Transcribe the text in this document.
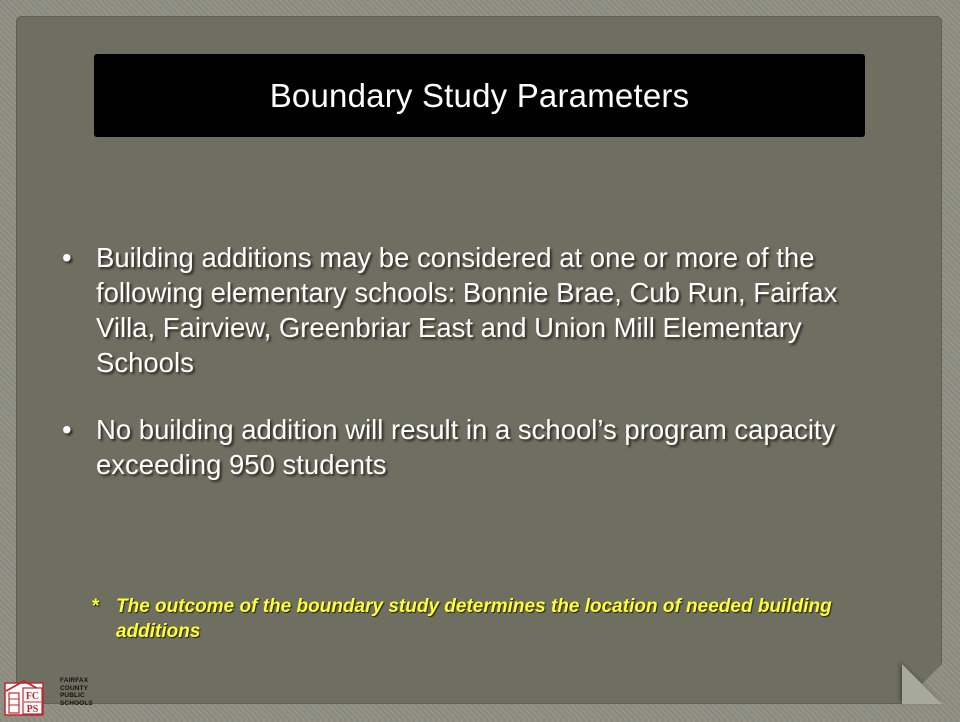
Boundary Study Parameters
• Building additions may be considered at one or more of the following elementary schools: Bonnie Brae, Cub Run, Fairfax Villa, Fairview, Greenbriar East and Union Mill Elementary Schools
• No building addition will result in a school’s program capacity exceeding 950 students
* The outcome of the boundary study determines the location of needed building additions
FC
PS
FAIRFAX
COUNTY
PUBLIC
SCHOOLS
